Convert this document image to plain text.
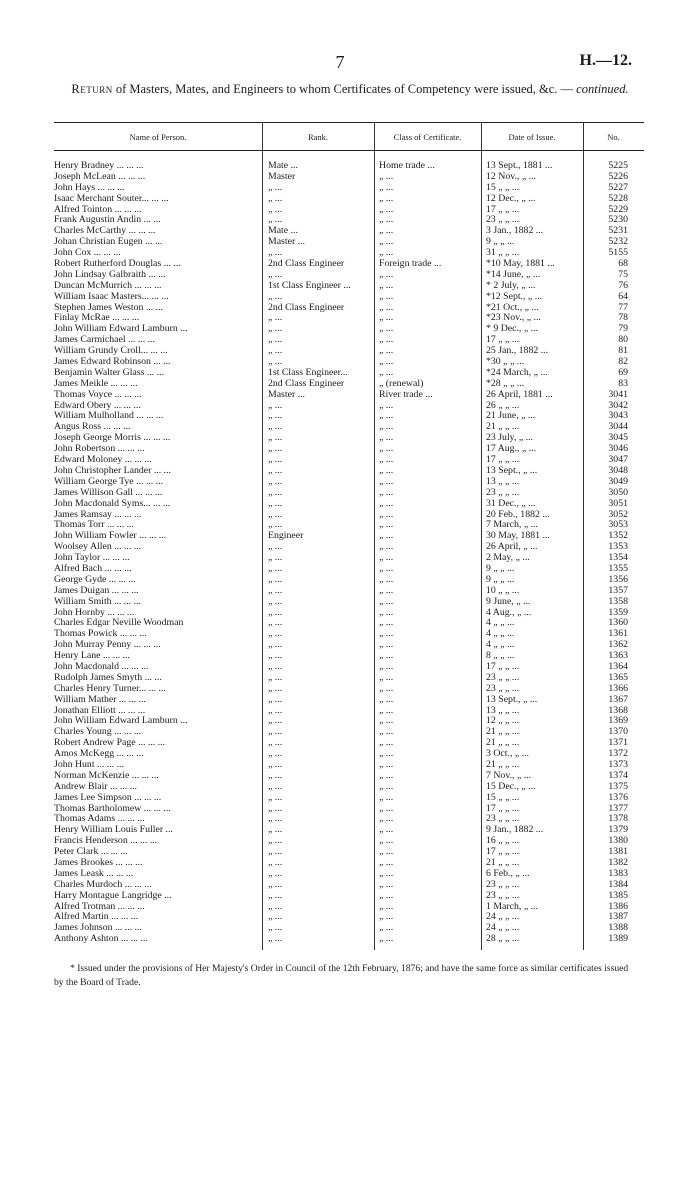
7	H.—12.
Return of Masters, Mates, and Engineers to whom Certificates of Competency were issued, &c. — continued.
Name of Person.	Rank.	Class of Certificate.	Date of Issue.	No.
Henry Bradney ... ... ...	Mate ...	Home trade ...	13 Sept., 1881 ...	5225
Joseph McLean ... ... ...	Master	„ ...	12 Nov., „ ...	5226
John Hays ... ... ...	„ ...	„ ...	15 „ „ ...	5227
Isaac Merchant Souter... ... ...	„ ...	„ ...	12 Dec., „ ...	5228
Alfred Tointon ... ... ...	„ ...	„ ...	17 „ „ ...	5229
Frank Augustin Andin ... ...	„ ...	„ ...	23 „ „ ...	5230
Charles McCarthy ... ... ...	Mate ...	„ ...	3 Jan., 1882 ...	5231
Johan Christian Eugen ... ...	Master ...	„ ...	9 „ „ ...	5232
John Cox ... ... ...	„ ...	„ ...	31 „ „ ...	5155
Robert Rutherford Douglas ... ...	2nd Class Engineer	Foreign trade ...	*10 May, 1881 ...	68
John Lindsay Galbraith ... ...	„ ...	„ ...	*14 June, „ ...	75
Duncan McMurrich ... ... ...	1st Class Engineer ...	„ ...	* 2 July, „ ...	76
William Isaac Masters... ... ...	„ ...	„ ...	*12 Sept., „ ...	64
Stephen James Weston ... ...	2nd Class Engineer	„ ...	*21 Oct., „ ...	77
Finlay McRae ... ... ...	„ ...	„ ...	*23 Nov., „ ...	78
John William Edward Lamburn ...	„ ...	„ ...	* 9 Dec., „ ...	79
James Carmichael ... ... ...	„ ...	„ ...	17 „ „ ...	80
William Grundy Croll... ... ...	„ ...	„ ...	25 Jan., 1882 ...	81
James Edward Robinson ... ...	„ ...	„ ...	*30 „ „ ...	82
Benjamin Walter Glass ... ...	1st Class Engineer...	„ ...	*24 March, „ ...	69
James Meikle ... ... ...	2nd Class Engineer	„ (renewal)	*28 „ „ ...	83
Thomas Voyce ... ... ...	Master ...	River trade ...	26 April, 1881 ...	3041
Edward Obery ... ... ...	„ ...	„ ...	26 „ „ ...	3042
William Mulholland ... ... ...	„ ...	„ ...	21 June, „ ...	3043
Angus Ross ... ... ...	„ ...	„ ...	21 „ „ ...	3044
Joseph George Morris ... ... ...	„ ...	„ ...	23 July, „ ...	3045
John Robertson ... ... ...	„ ...	„ ...	17 Aug., „ ...	3046
Edward Moloney ... ... ...	„ ...	„ ...	17 „ „ ...	3047
John Christopher Lander ... ...	„ ...	„ ...	13 Sept., „ ...	3048
William George Tye ... ... ...	„ ...	„ ...	13 „ „ ...	3049
James Willison Gall ... ... ...	„ ...	„ ...	23 „ „ ...	3050
John Macdonald Syms... ... ...	„ ...	„ ...	31 Dec., „ ...	3051
James Ramsay ... ... ...	„ ...	„ ...	20 Feb., 1882 ...	3052
Thomas Torr ... ... ...	„ ...	„ ...	7 March, „ ...	3053
John William Fowler ... ... ...	Engineer	„ ...	30 May, 1881 ...	1352
Woolsey Allen ... ... ...	„ ...	„ ...	26 April, „ ...	1353
John Taylor ... ... ...	„ ...	„ ...	2 May, „ ...	1354
Alfred Bach ... ... ...	„ ...	„ ...	9 „ „ ...	1355
George Gyde ... ... ...	„ ...	„ ...	9 „ „ ...	1356
James Duigan ... ... ...	„ ...	„ ...	10 „ „ ...	1357
William Smith ... ... ...	„ ...	„ ...	9 June, „ ...	1358
John Hornby ... ... ...	„ ...	„ ...	4 Aug., „ ...	1359
Charles Edgar Neville Woodman	„ ...	„ ...	4 „ „ ...	1360
Thomas Powick ... ... ...	„ ...	„ ...	4 „ „ ...	1361
John Murray Penny ... ... ...	„ ...	„ ...	4 „ „ ...	1362
Henry Lane ... ... ...	„ ...	„ ...	8 „ „ ...	1363
John Macdonald ... ... ...	„ ...	„ ...	17 „ „ ...	1364
Rudolph James Smyth ... ...	„ ...	„ ...	23 „ „ ...	1365
Charles Henry Turner... ... ...	„ ...	„ ...	23 „ „ ...	1366
William Mather ... ... ...	„ ...	„ ...	13 Sept., „ ...	1367
Jonathan Elliott ... ... ...	„ ...	„ ...	13 „ „ ...	1368
John William Edward Lamburn ...	„ ...	„ ...	12 „ „ ...	1369
Charles Young ... ... ...	„ ...	„ ...	21 „ „ ...	1370
Robert Andrew Page ... ... ...	„ ...	„ ...	21 „ „ ...	1371
Amos McKegg ... ... ...	„ ...	„ ...	3 Oct., „ ...	1372
John Hunt ... ... ...	„ ...	„ ...	21 „ „ ...	1373
Norman McKenzie ... ... ...	„ ...	„ ...	7 Nov., „ ...	1374
Andrew Blair ... ... ...	„ ...	„ ...	15 Dec., „ ...	1375
James Lee Simpson ... ... ...	„ ...	„ ...	15 „ „ ...	1376
Thomas Bartholomew ... ... ...	„ ...	„ ...	17 „ „ ...	1377
Thomas Adams ... ... ...	„ ...	„ ...	23 „ „ ...	1378
Henry William Louis Fuller ...	„ ...	„ ...	9 Jan., 1882 ...	1379
Francis Henderson ... ... ...	„ ...	„ ...	16 „ „ ...	1380
Peter Clark ... ... ...	„ ...	„ ...	17 „ „ ...	1381
James Brookes ... ... ...	„ ...	„ ...	21 „ „ ...	1382
James Leask ... ... ...	„ ...	„ ...	6 Feb., „ ...	1383
Charles Murdoch ... ... ...	„ ...	„ ...	23 „ „ ...	1384
Harry Montague Langridge ...	„ ...	„ ...	23 „ „ ...	1385
Alfred Trotman ... ... ...	„ ...	„ ...	1 March, „ ...	1386
Alfred Martin ... ... ...	„ ...	„ ...	24 „ „ ...	1387
James Johnson ... ... ...	„ ...	„ ...	24 „ „ ...	1388
Anthony Ashton ... ... ...	„ ...	„ ...	28 „ „ ...	1389
* Issued under the provisions of Her Majesty's Order in Council of the 12th February, 1876; and have the same force as similar certificates issued by the Board of Trade.
